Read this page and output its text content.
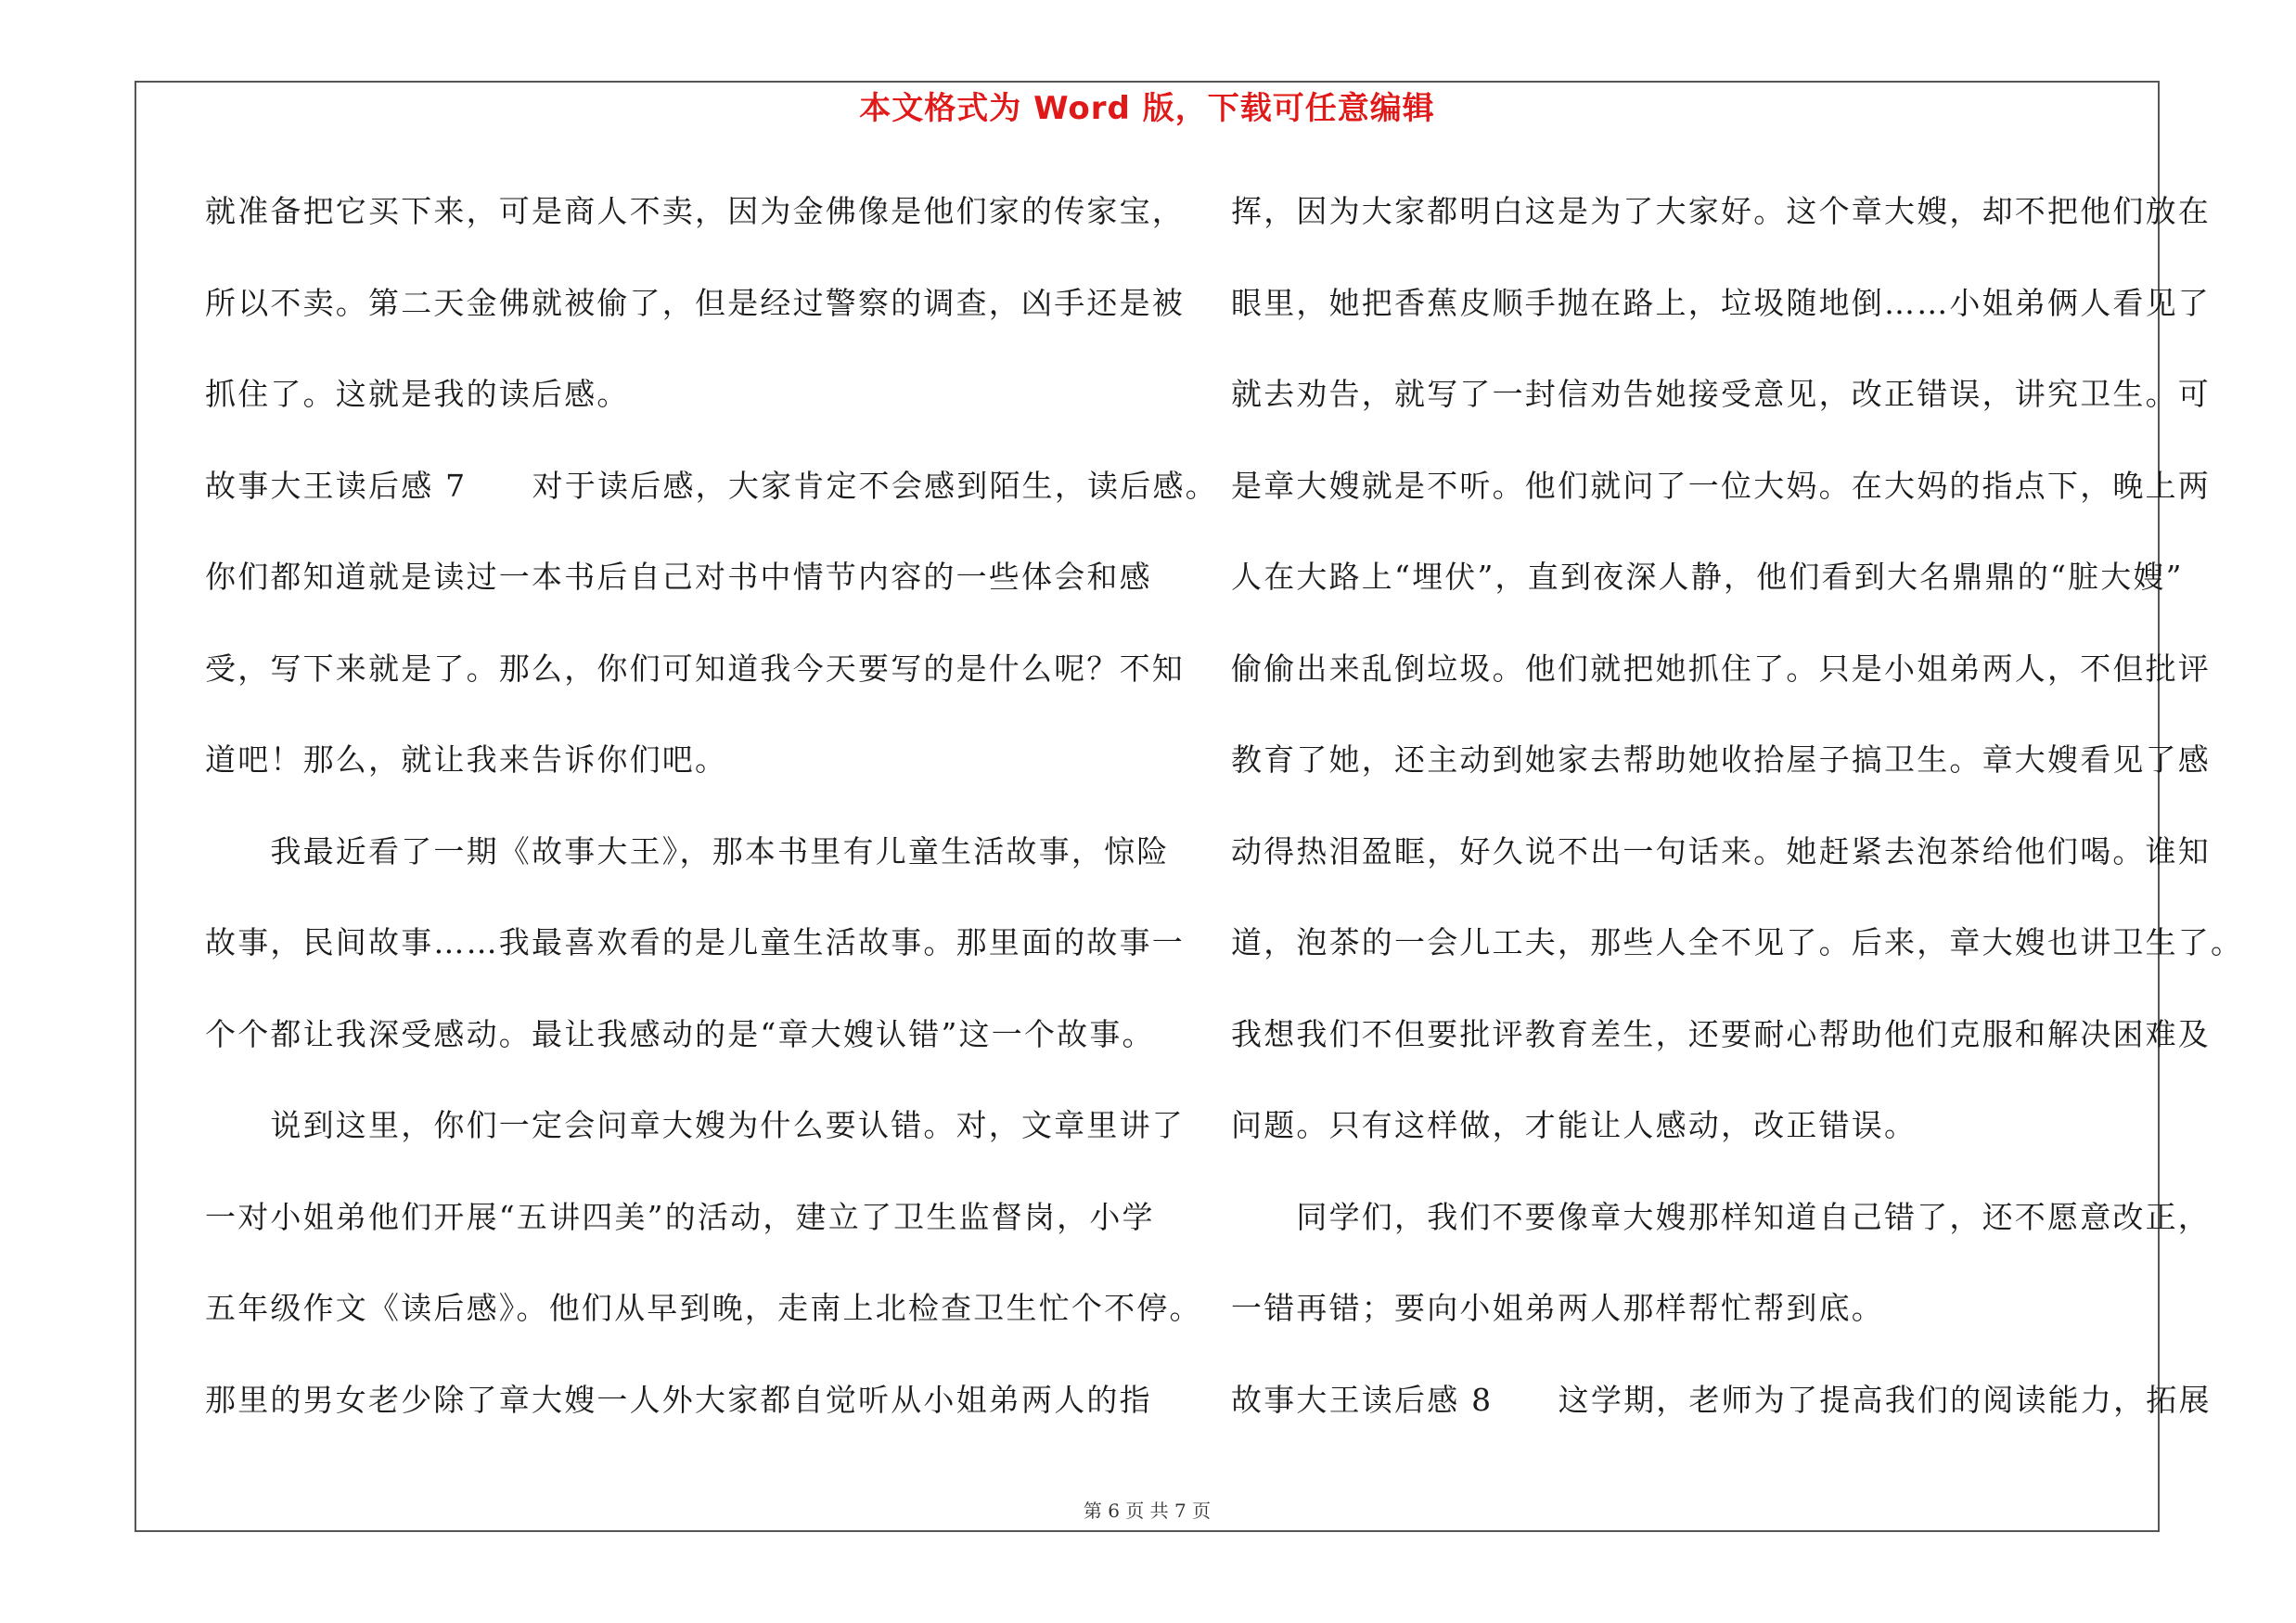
本文格式为 Word 版，下载可任意编辑
就准备把它买下来，可是商人不卖，因为金佛像是他们家的传家宝，
所以不卖。第二天金佛就被偷了，但是经过警察的调查，凶手还是被
抓住了。这就是我的读后感。
故事大王读后感 7　　对于读后感，大家肯定不会感到陌生，读后感。
你们都知道就是读过一本书后自己对书中情节内容的一些体会和感
受，写下来就是了。那么，你们可知道我今天要写的是什么呢？不知
道吧！那么，就让我来告诉你们吧。
　　我最近看了一期《故事大王》，那本书里有儿童生活故事，惊险
故事，民间故事……我最喜欢看的是儿童生活故事。那里面的故事一
个个都让我深受感动。最让我感动的是“章大嫂认错”这一个故事。
　　说到这里，你们一定会问章大嫂为什么要认错。对，文章里讲了
一对小姐弟他们开展“五讲四美”的活动，建立了卫生监督岗，小学
五年级作文《读后感》。他们从早到晚，走南上北检查卫生忙个不停。
那里的男女老少除了章大嫂一人外大家都自觉听从小姐弟两人的指
挥，因为大家都明白这是为了大家好。这个章大嫂，却不把他们放在
眼里，她把香蕉皮顺手抛在路上，垃圾随地倒……小姐弟俩人看见了
就去劝告，就写了一封信劝告她接受意见，改正错误，讲究卫生。可
是章大嫂就是不听。他们就问了一位大妈。在大妈的指点下，晚上两
人在大路上“埋伏”，直到夜深人静，他们看到大名鼎鼎的“脏大嫂”
偷偷出来乱倒垃圾。他们就把她抓住了。只是小姐弟两人，不但批评
教育了她，还主动到她家去帮助她收拾屋子搞卫生。章大嫂看见了感
动得热泪盈眶，好久说不出一句话来。她赶紧去泡茶给他们喝。谁知
道，泡茶的一会儿工夫，那些人全不见了。后来，章大嫂也讲卫生了。
我想我们不但要批评教育差生，还要耐心帮助他们克服和解决困难及
问题。只有这样做，才能让人感动，改正错误。
　　同学们，我们不要像章大嫂那样知道自己错了，还不愿意改正，
一错再错；要向小姐弟两人那样帮忙帮到底。
故事大王读后感 8　　这学期，老师为了提高我们的阅读能力，拓展
第 6 页 共 7 页
